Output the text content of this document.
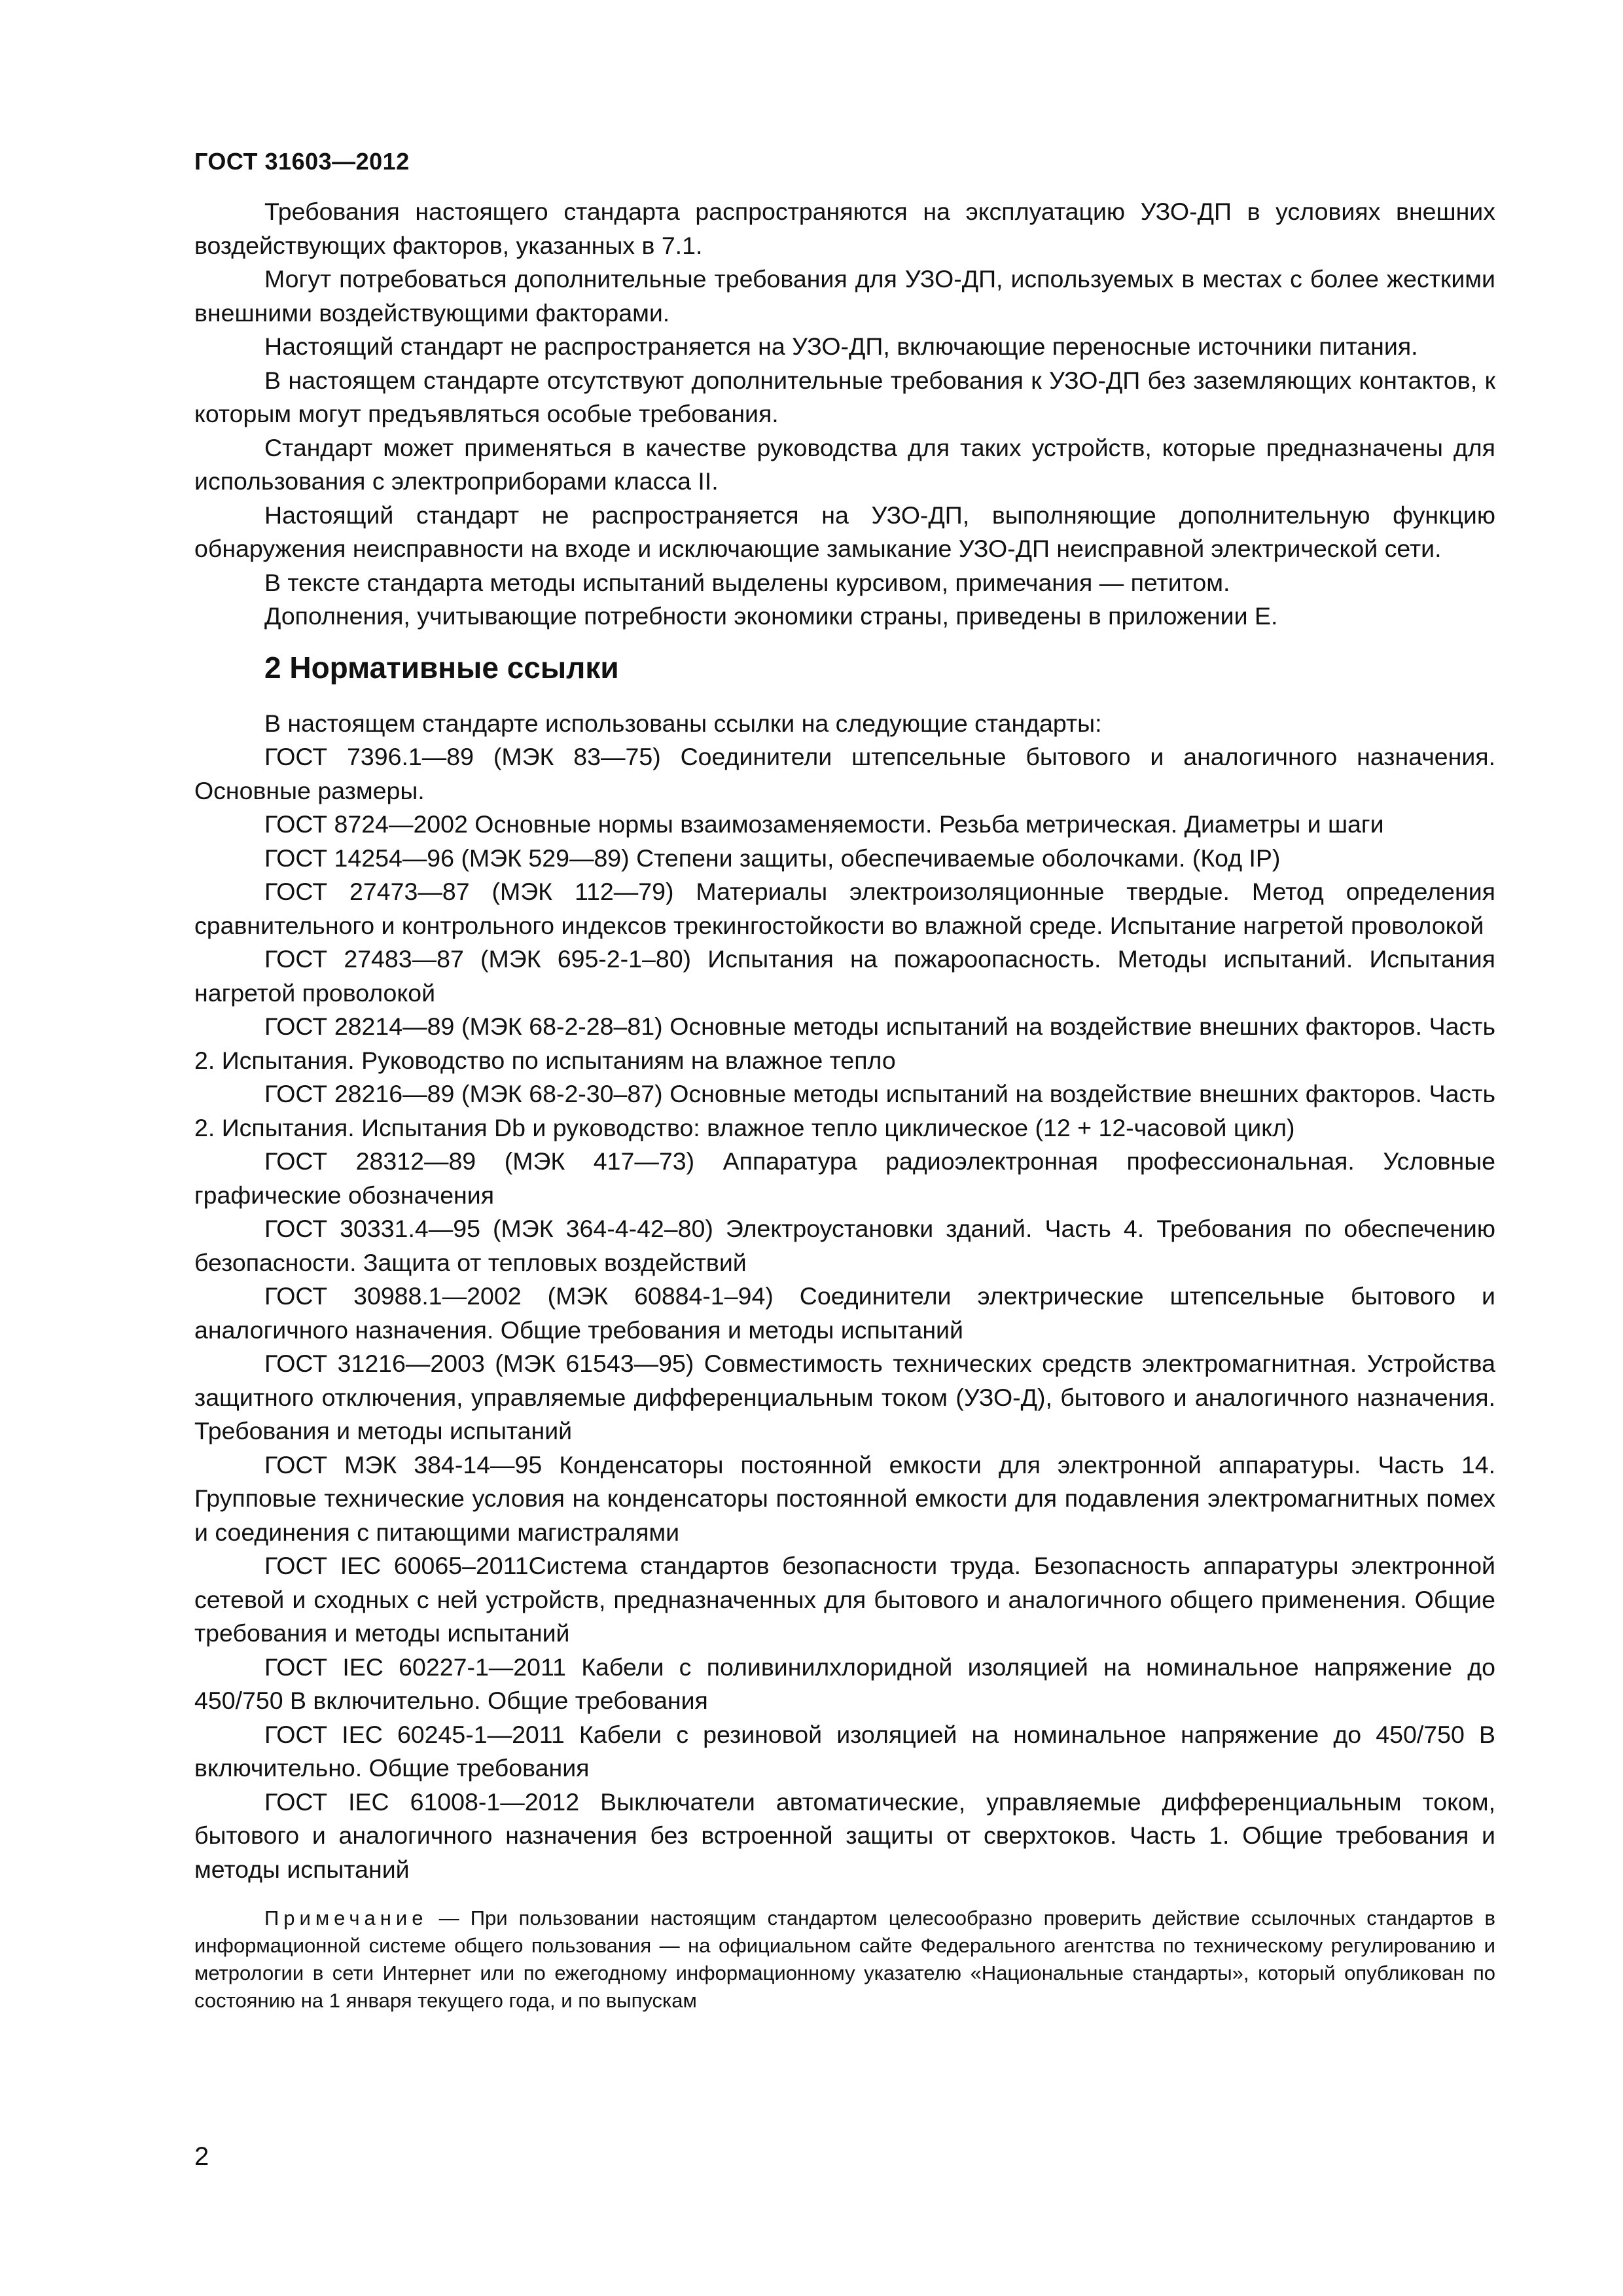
ГОСТ 31603—2012

Требования настоящего стандарта распространяются на эксплуатацию УЗО-ДП в условиях внешних воздействующих факторов, указанных в 7.1.

Могут потребоваться дополнительные требования для УЗО-ДП, используемых в местах с более жесткими внешними воздействующими факторами.

Настоящий стандарт не распространяется на УЗО-ДП, включающие переносные источники питания.

В настоящем стандарте отсутствуют дополнительные требования к УЗО-ДП без заземляющих контактов, к которым могут предъявляться особые требования.

Стандарт может применяться в качестве руководства для таких устройств, которые предназначены для использования с электроприборами класса II.

Настоящий стандарт не распространяется на УЗО-ДП, выполняющие дополнительную функцию обнаружения неисправности на входе и исключающие замыкание УЗО-ДП неисправной электрической сети.

В тексте стандарта методы испытаний выделены курсивом, примечания — петитом.

Дополнения, учитывающие потребности экономики страны, приведены в приложении Е.

2 Нормативные ссылки

В настоящем стандарте использованы ссылки на следующие стандарты:

ГОСТ 7396.1—89 (МЭК 83—75) Соединители штепсельные бытового и аналогичного назначения. Основные размеры.

ГОСТ 8724—2002 Основные нормы взаимозаменяемости. Резьба метрическая. Диаметры и шаги

ГОСТ 14254—96 (МЭК 529—89) Степени защиты, обеспечиваемые оболочками. (Код IP)

ГОСТ 27473—87 (МЭК 112—79) Материалы электроизоляционные твердые. Метод определения сравнительного и контрольного индексов трекингостойкости во влажной среде. Испытание нагретой проволокой

ГОСТ 27483—87 (МЭК 695-2-1–80) Испытания на пожароопасность. Методы испытаний. Испытания нагретой проволокой

ГОСТ 28214—89 (МЭК 68-2-28–81) Основные методы испытаний на воздействие внешних факторов. Часть 2. Испытания. Руководство по испытаниям на влажное тепло

ГОСТ 28216—89 (МЭК 68-2-30–87) Основные методы испытаний на воздействие внешних факторов. Часть 2. Испытания. Испытания Db и руководство: влажное тепло циклическое (12 + 12-часовой цикл)

ГОСТ 28312—89 (МЭК 417—73) Аппаратура радиоэлектронная профессиональная. Условные графические обозначения

ГОСТ 30331.4—95 (МЭК 364-4-42–80) Электроустановки зданий. Часть 4. Требования по обеспечению безопасности. Защита от тепловых воздействий

ГОСТ 30988.1—2002 (МЭК 60884-1–94) Соединители электрические штепсельные бытового и аналогичного назначения. Общие требования и методы испытаний

ГОСТ 31216—2003 (МЭК 61543—95) Совместимость технических средств электромагнитная. Устройства защитного отключения, управляемые дифференциальным током (УЗО-Д), бытового и аналогичного назначения. Требования и методы испытаний

ГОСТ МЭК 384-14—95 Конденсаторы постоянной емкости для электронной аппаратуры. Часть 14. Групповые технические условия на конденсаторы постоянной емкости для подавления электромагнитных помех и соединения с питающими магистралями

ГОСТ IEC 60065–2011Система стандартов безопасности труда. Безопасность аппаратуры электронной сетевой и сходных с ней устройств, предназначенных для бытового и аналогичного общего применения. Общие требования и методы испытаний

ГОСТ IEC 60227-1—2011 Кабели с поливинилхлоридной изоляцией на номинальное напряжение до 450/750 В включительно. Общие требования

ГОСТ IEC 60245-1—2011 Кабели с резиновой изоляцией на номинальное напряжение до 450/750 В включительно. Общие требования

ГОСТ IEC 61008-1—2012 Выключатели автоматические, управляемые дифференциальным током, бытового и аналогичного назначения без встроенной защиты от сверхтоков. Часть 1. Общие требования и методы испытаний

Примечание — При пользовании настоящим стандартом целесообразно проверить действие ссылочных стандартов в информационной системе общего пользования — на официальном сайте Федерального агентства по техническому регулированию и метрологии в сети Интернет или по ежегодному информационному указателю «Национальные стандарты», который опубликован по состоянию на 1 января текущего года, и по выпускам
2
